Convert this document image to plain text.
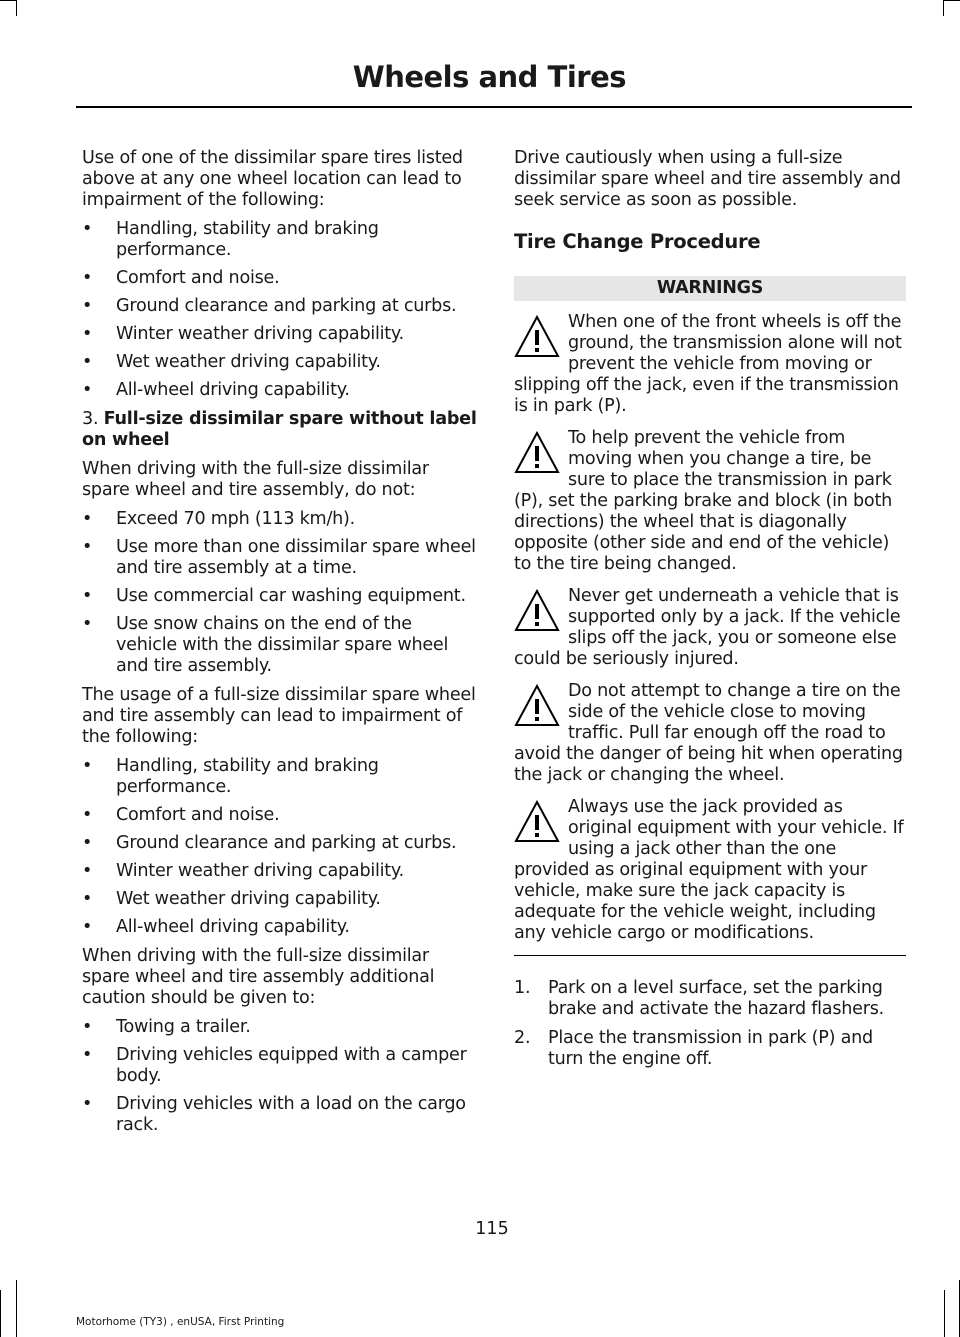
Wheels and Tires

Use of one of the dissimilar spare tires listed above at any one wheel location can lead to impairment of the following:

• Handling, stability and braking performance.
• Comfort and noise.
• Ground clearance and parking at curbs.
• Winter weather driving capability.
• Wet weather driving capability.
• All-wheel driving capability.

3. Full-size dissimilar spare without label on wheel

When driving with the full-size dissimilar spare wheel and tire assembly, do not:

• Exceed 70 mph (113 km/h).
• Use more than one dissimilar spare wheel and tire assembly at a time.
• Use commercial car washing equipment.
• Use snow chains on the end of the vehicle with the dissimilar spare wheel and tire assembly.

The usage of a full-size dissimilar spare wheel and tire assembly can lead to impairment of the following:

• Handling, stability and braking performance.
• Comfort and noise.
• Ground clearance and parking at curbs.
• Winter weather driving capability.
• Wet weather driving capability.
• All-wheel driving capability.

When driving with the full-size dissimilar spare wheel and tire assembly additional caution should be given to:

• Towing a trailer.
• Driving vehicles equipped with a camper body.
• Driving vehicles with a load on the cargo rack.

Drive cautiously when using a full-size dissimilar spare wheel and tire assembly and seek service as soon as possible.

Tire Change Procedure
WARNINGS
When one of the front wheels is off the ground, the transmission alone will not prevent the vehicle from moving or slipping off the jack, even if the transmission is in park (P).
To help prevent the vehicle from moving when you change a tire, be sure to place the transmission in park (P), set the parking brake and block (in both directions) the wheel that is diagonally opposite (other side and end of the vehicle) to the tire being changed.
Never get underneath a vehicle that is supported only by a jack. If the vehicle slips off the jack, you or someone else could be seriously injured.
Do not attempt to change a tire on the side of the vehicle close to moving traffic. Pull far enough off the road to avoid the danger of being hit when operating the jack or changing the wheel.
Always use the jack provided as original equipment with your vehicle. If using a jack other than the one provided as original equipment with your vehicle, make sure the jack capacity is adequate for the vehicle weight, including any vehicle cargo or modifications.
1. Park on a level surface, set the parking brake and activate the hazard flashers.
2. Place the transmission in park (P) and turn the engine off.
115
Motorhome (TY3) , enUSA, First Printing
